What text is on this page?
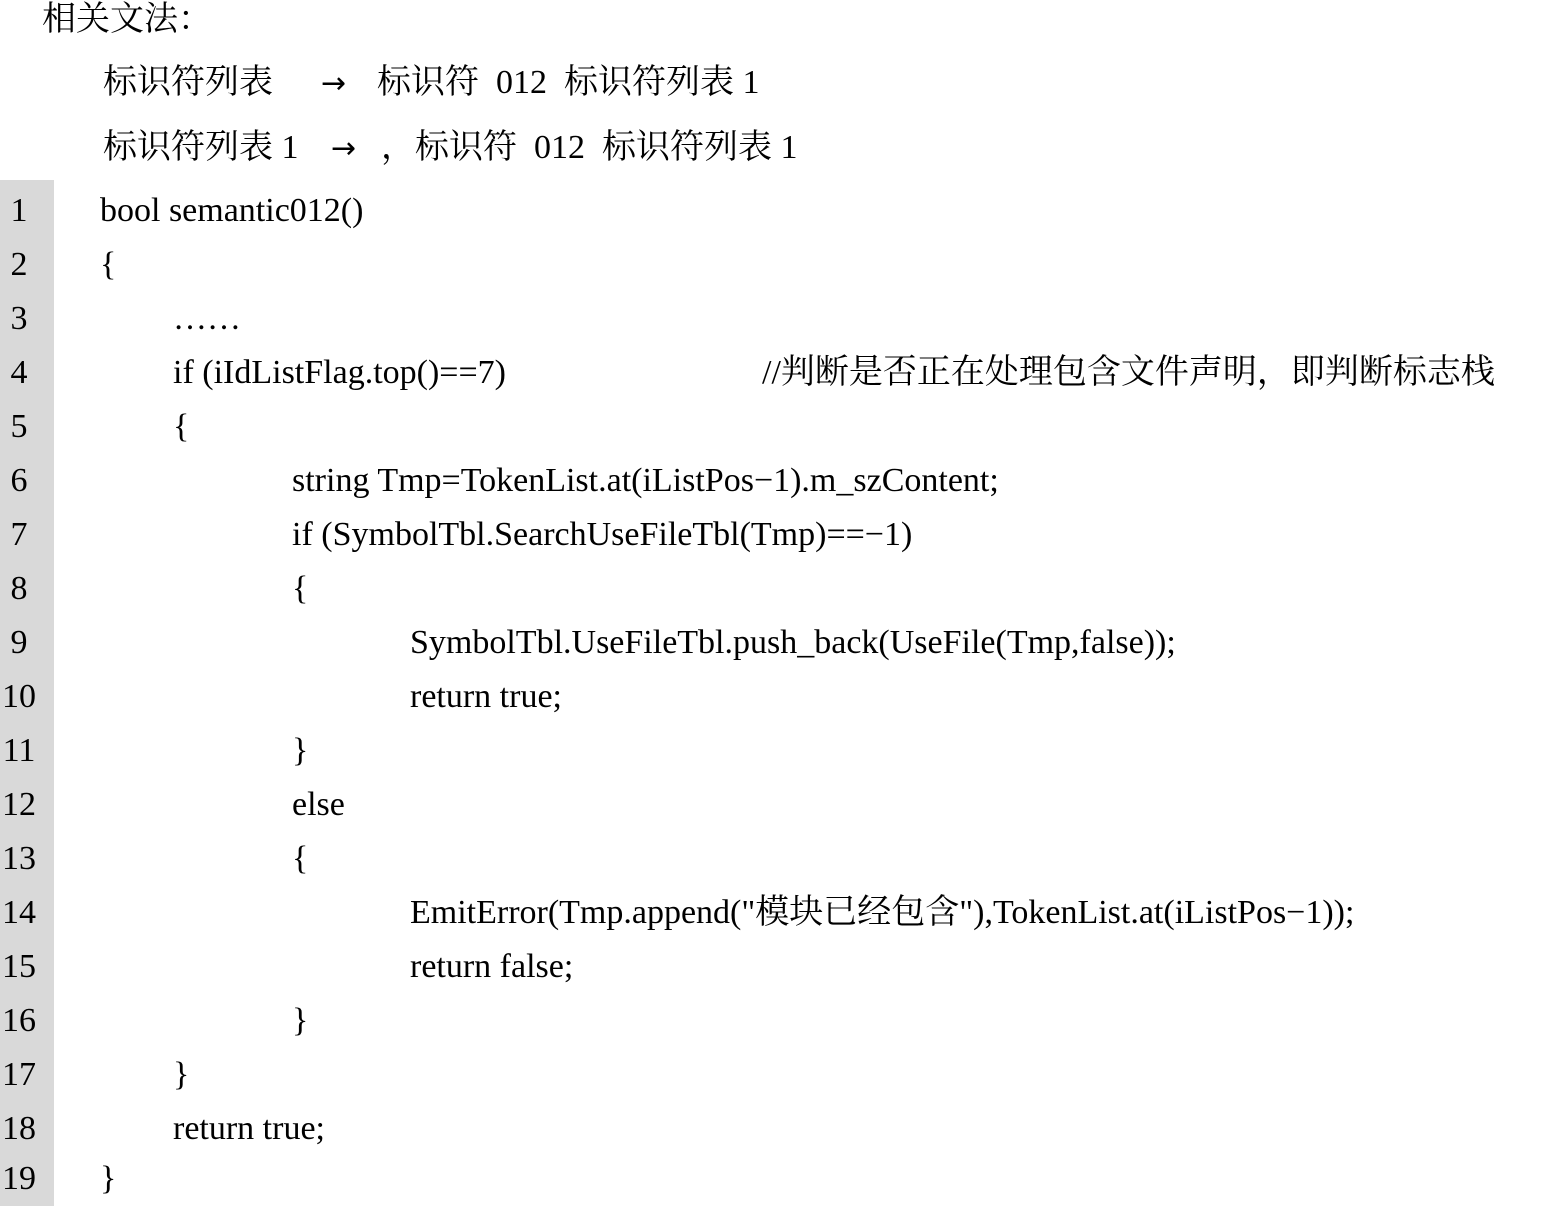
相关文法：
标识符列表 → 标识符  012  标识符列表 1
标识符列表 1 → ，标识符  012  标识符列表 1
1	bool semantic012()
2	{
3	……
4	if (iIdListFlag.top()==7)	//判断是否正在处理包含文件声明，即判断标志栈
5	{
6	string Tmp=TokenList.at(iListPos−1).m_szContent;
7	if (SymbolTbl.SearchUseFileTbl(Tmp)==−1)
8	{
9	SymbolTbl.UseFileTbl.push_back(UseFile(Tmp,false));
10	return true;
11	}
12	else
13	{
14	EmitError(Tmp.append("模块已经包含"),TokenList.at(iListPos−1));
15	return false;
16	}
17	}
18	return true;
19 }
